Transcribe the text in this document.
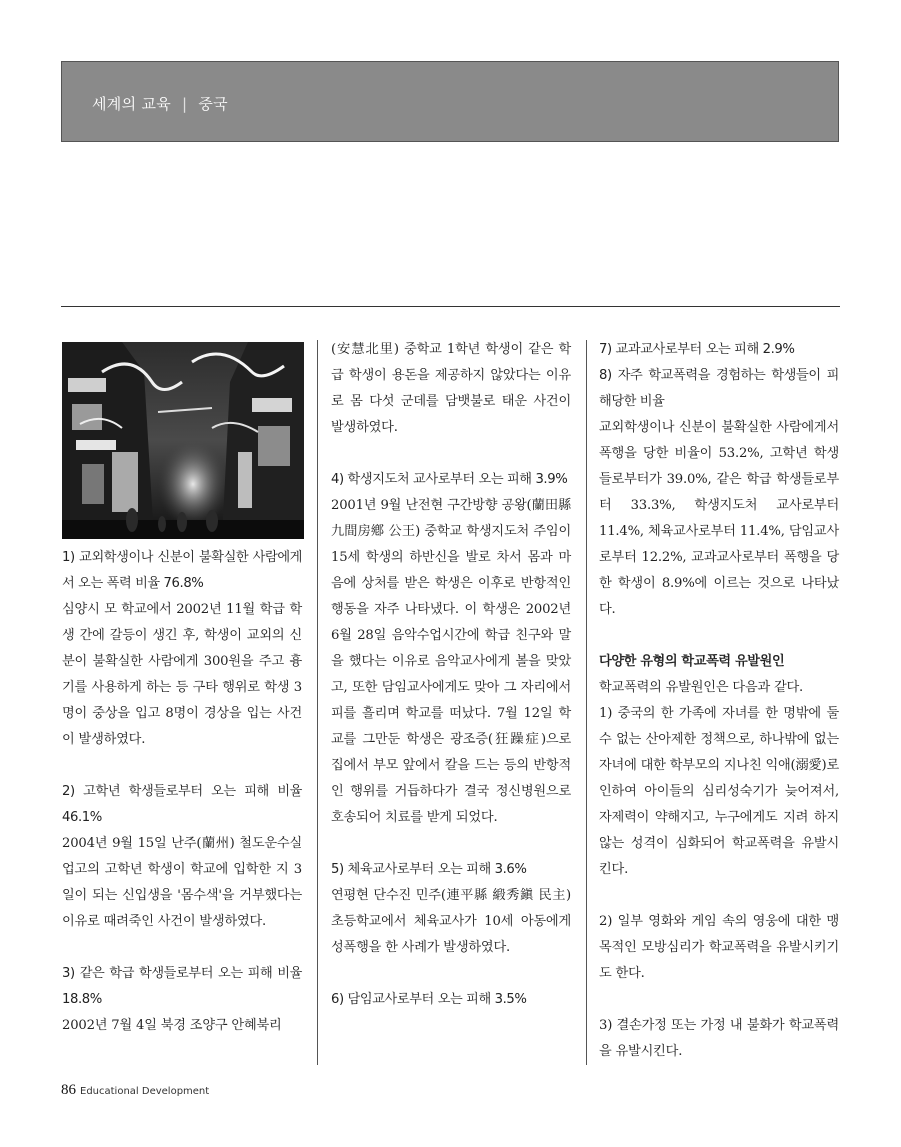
세계의 교육 | 중국

1) 교외학생이나 신분이 불확실한 사람에게서 오는 폭력 비율 76.8%

심양시 모 학교에서 2002년 11월 학급 학생 간에 갈등이 생긴 후, 학생이 교외의 신분이 불확실한 사람에게 300원을 주고 흉기를 사용하게 하는 등 구타 행위로 학생 3명이 중상을 입고 8명이 경상을 입는 사건이 발생하였다.

2) 고학년 학생들로부터 오는 피해 비율 46.1%

2004년 9월 15일 난주(蘭州) 철도운수실업고의 고학년 학생이 학교에 입학한 지 3일이 되는 신입생을 '몸수색'을 거부했다는 이유로 때려죽인 사건이 발생하였다.

3) 같은 학급 학생들로부터 오는 피해 비율 18.8%

2002년 7월 4일 북경 조양구 안혜북리

(安慧北里) 중학교 1학년 학생이 같은 학급 학생이 용돈을 제공하지 않았다는 이유로 몸 다섯 군데를 담뱃불로 태운 사건이 발생하였다.

4) 학생지도처 교사로부터 오는 피해 3.9%

2001년 9월 난전현 구간방향 공왕(蘭田縣 九間房鄕 公王) 중학교 학생지도처 주임이 15세 학생의 하반신을 발로 차서 몸과 마음에 상처를 받은 학생은 이후로 반항적인 행동을 자주 나타냈다. 이 학생은 2002년 6월 28일 음악수업시간에 학급 친구와 말을 했다는 이유로 음악교사에게 볼을 맞았고, 또한 담임교사에게도 맞아 그 자리에서 피를 흘리며 학교를 떠났다. 7월 12일 학교를 그만둔 학생은 광조증(狂躁症)으로 집에서 부모 앞에서 칼을 드는 등의 반항적인 행위를 거듭하다가 결국 정신병원으로 호송되어 치료를 받게 되었다.

5) 체육교사로부터 오는 피해 3.6%

연평현 단수진 민주(連平縣 緞秀鎭 民主) 초등학교에서 체육교사가 10세 아동에게 성폭행을 한 사례가 발생하였다.

6) 담임교사로부터 오는 피해 3.5%

7) 교과교사로부터 오는 피해 2.9%

8) 자주 학교폭력을 경험하는 학생들이 피해당한 비율

교외학생이나 신분이 불확실한 사람에게서 폭행을 당한 비율이 53.2%, 고학년 학생들로부터가 39.0%, 같은 학급 학생들로부터 33.3%, 학생지도처 교사로부터 11.4%, 체육교사로부터 11.4%, 담임교사로부터 12.2%, 교과교사로부터 폭행을 당한 학생이 8.9%에 이르는 것으로 나타났다.

다양한 유형의 학교폭력 유발원인

학교폭력의 유발원인은 다음과 같다.

1) 중국의 한 가족에 자녀를 한 명밖에 둘 수 없는 산아제한 정책으로, 하나밖에 없는 자녀에 대한 학부모의 지나친 익애(溺愛)로 인하여 아이들의 심리성숙기가 늦어져서, 자제력이 약해지고, 누구에게도 지려 하지 않는 성격이 심화되어 학교폭력을 유발시킨다.

2) 일부 영화와 게임 속의 영웅에 대한 맹목적인 모방심리가 학교폭력을 유발시키기도 한다.

3) 결손가정 또는 가정 내 불화가 학교폭력을 유발시킨다.

86 Educational Development
